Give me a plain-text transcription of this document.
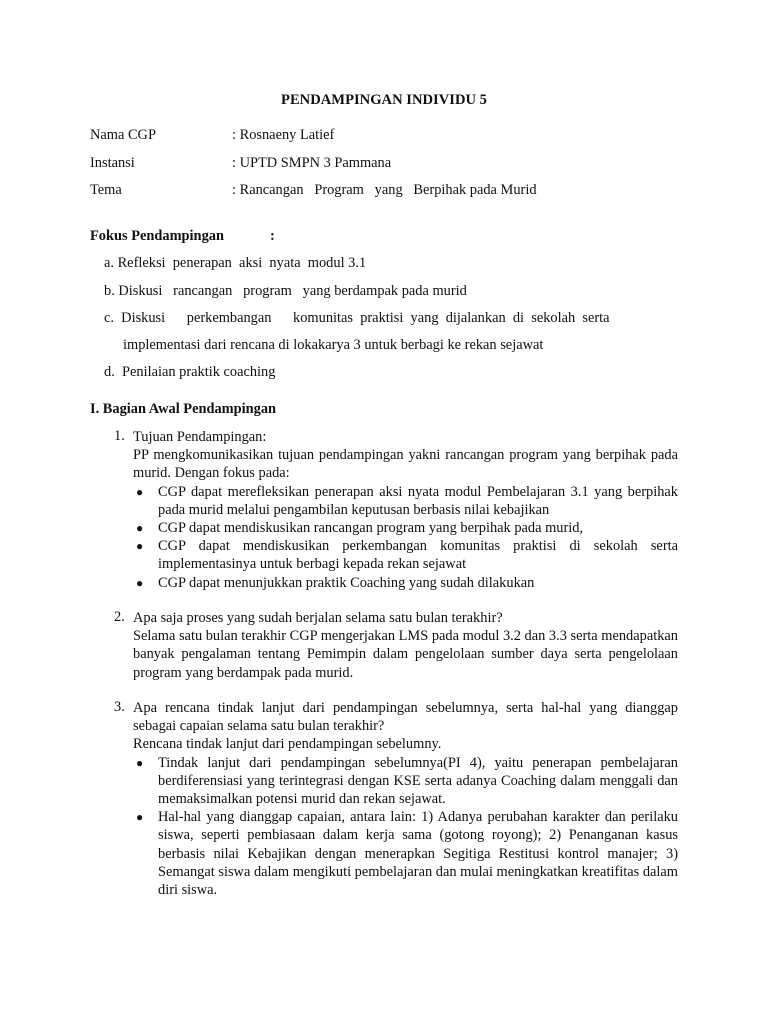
PENDAMPINGAN INDIVIDU 5
Nama CGP	: Rosnaeny Latief
Instansi	: UPTD SMPN 3 Pammana
Tema	: Rancangan   Program   yang   Berpihak pada Murid
Fokus Pendampingan	:
a. Refleksi  penerapan  aksi  nyata  modul 3.1
b. Diskusi   rancangan   program   yang berdampak pada murid
c.  Diskusi      perkembangan      komunitas  praktisi  yang  dijalankan  di  sekolah  serta
implementasi dari rencana di lokakarya 3 untuk berbagi ke rekan sejawat
d.  Penilaian praktik coaching
I. Bagian Awal Pendampingan
1. Tujuan Pendampingan:

PP mengkomunikasikan tujuan pendampingan yakni rancangan program yang berpihak pada murid. Dengan fokus pada:

● CGP dapat merefleksikan penerapan aksi nyata modul Pembelajaran 3.1 yang berpihak pada murid melalui pengambilan keputusan berbasis nilai kebajikan
● CGP dapat mendiskusikan rancangan program yang berpihak pada murid,
● CGP dapat mendiskusikan perkembangan komunitas praktisi di sekolah serta implementasinya untuk berbagi kepada rekan sejawat
● CGP dapat menunjukkan praktik Coaching yang sudah dilakukan
2. Apa saja proses yang sudah berjalan selama satu bulan terakhir?

Selama satu bulan terakhir CGP mengerjakan LMS pada modul 3.2 dan 3.3 serta mendapatkan banyak pengalaman tentang Pemimpin dalam pengelolaan sumber daya serta pengelolaan program yang berdampak pada murid.

3. Apa rencana tindak lanjut dari pendampingan sebelumnya, serta hal-hal yang dianggap sebagai capaian selama satu bulan terakhir?

Rencana tindak lanjut dari pendampingan sebelumny.

● Tindak lanjut dari pendampingan sebelumnya(PI 4), yaitu penerapan pembelajaran berdiferensiasi yang terintegrasi dengan KSE serta adanya Coaching dalam menggali dan memaksimalkan potensi murid dan rekan sejawat.
● Hal-hal yang dianggap capaian, antara lain: 1) Adanya perubahan karakter dan perilaku siswa, seperti pembiasaan dalam kerja sama (gotong royong); 2) Penanganan kasus berbasis nilai Kebajikan dengan menerapkan Segitiga Restitusi kontrol manajer; 3) Semangat siswa dalam mengikuti pembelajaran dan mulai meningkatkan kreatifitas dalam diri siswa.
